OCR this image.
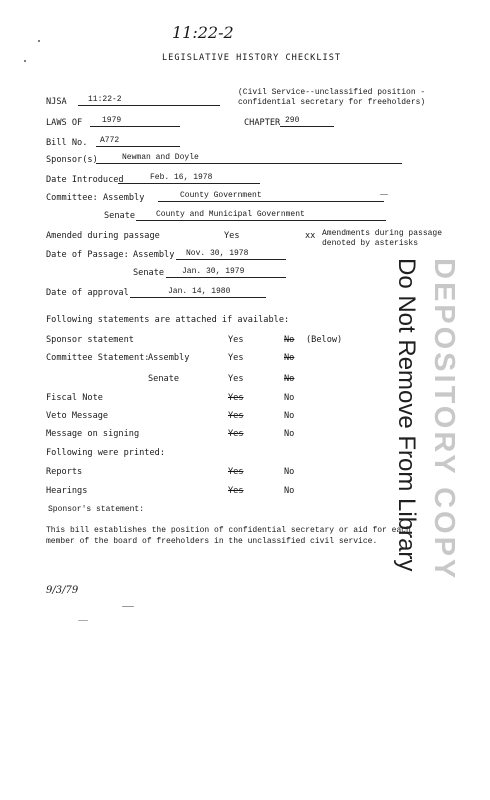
11:22-2
LEGISLATIVE HISTORY CHECKLIST
NJSA	11:22-2
(Civil Service--unclassified position -
confidential secretary for freeholders)
LAWS OF 1979	CHAPTER 290
Bill No. A772
Sponsor(s)	Newman and Doyle
Date Introduced	Feb. 16, 1978
Committee: Assembly	County Government
Senate	County and Municipal Government
Amended during passage	Yes	xx Amendments during passage
denoted by asterisks
Date of Passage: Assembly Nov. 30, 1978
Senate Jan. 30, 1979
Date of approval	Jan. 14, 1980
Following statements are attached if available:
Sponsor statement	Yes	No (Below)
Committee Statement:
Assembly	Yes	No
Senate	Yes	No
Fiscal Note	Yes	No
Veto Message	Yes	No
Message on signing	Yes	No
Following were printed:
Reports	Yes	No
Hearings	Yes	No
Sponsor's statement:
This bill establishes the position of confidential secretary or aid for each
member of the board of freeholders in the unclassified civil service.
9/3/79
DEPOSITORY COPY
Do Not Remove From Library
